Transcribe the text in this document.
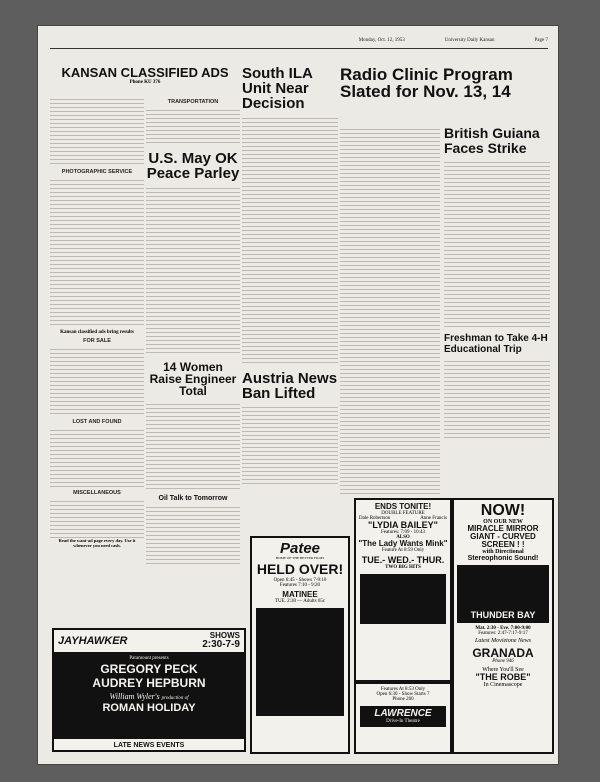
Monday, Oct. 12, 1953	University Daily Kansan	Page 7
KANSAN CLASSIFIED ADS
Phone KU 376
PHOTOGRAPHIC SERVICE
Kansan classified ads bring results
FOR SALE
LOST AND FOUND
MISCELLANEOUS
Read the want-ad page every day. Use it whenever you need cash.
TRANSPORTATION
U.S. May OK Peace Parley
14 Women Raise Engineer Total
Oil Talk to Tomorrow
South ILA Unit Near Decision
Austria News Ban Lifted
Radio Clinic Program Slated for Nov. 13, 14
British Guiana Faces Strike
Freshman to Take 4-H Educational Trip
JAYHAWKER	SHOWS
2:30-7-9
Paramount presents
GREGORY PECK
AUDREY HEPBURN
William Wyler's production of
ROMAN HOLIDAY
LATE NEWS EVENTS
Patee
HOME OF THE BETTER FILMS
HELD OVER!
Open 6:45 - Shows 7-9:10
Features 7:10 - 9:20
MATINEE
TUE. 2:30 — Adults 65c
ENDS TONITE!
DOUBLE FEATURE
Dale Robertson	Anne Francis
"LYDIA BAILEY"
Features: 7:09 - 10:43
ALSO
"The Lady Wants Mink"
Feature At 8:59 Only
TUE.- WED.- THUR.
TWO BIG HITS
Features At 8:53 Only
Open 6:30 - Show Starts 7
Phone 260
LAWRENCE
Drive-In Theatre
NOW!
ON OUR NEW
MIRACLE MIRROR
GIANT - CURVED
SCREEN ! !
with Directional
Stereophonic Sound!
THUNDER BAY
Mat. 2:30 - Eve. 7:00-9:00
Features: 2:47-7:17-9:17
Latest Movietone News
GRANADA
Phone 946
Where You'll See
"THE ROBE"
In Cinemascope
